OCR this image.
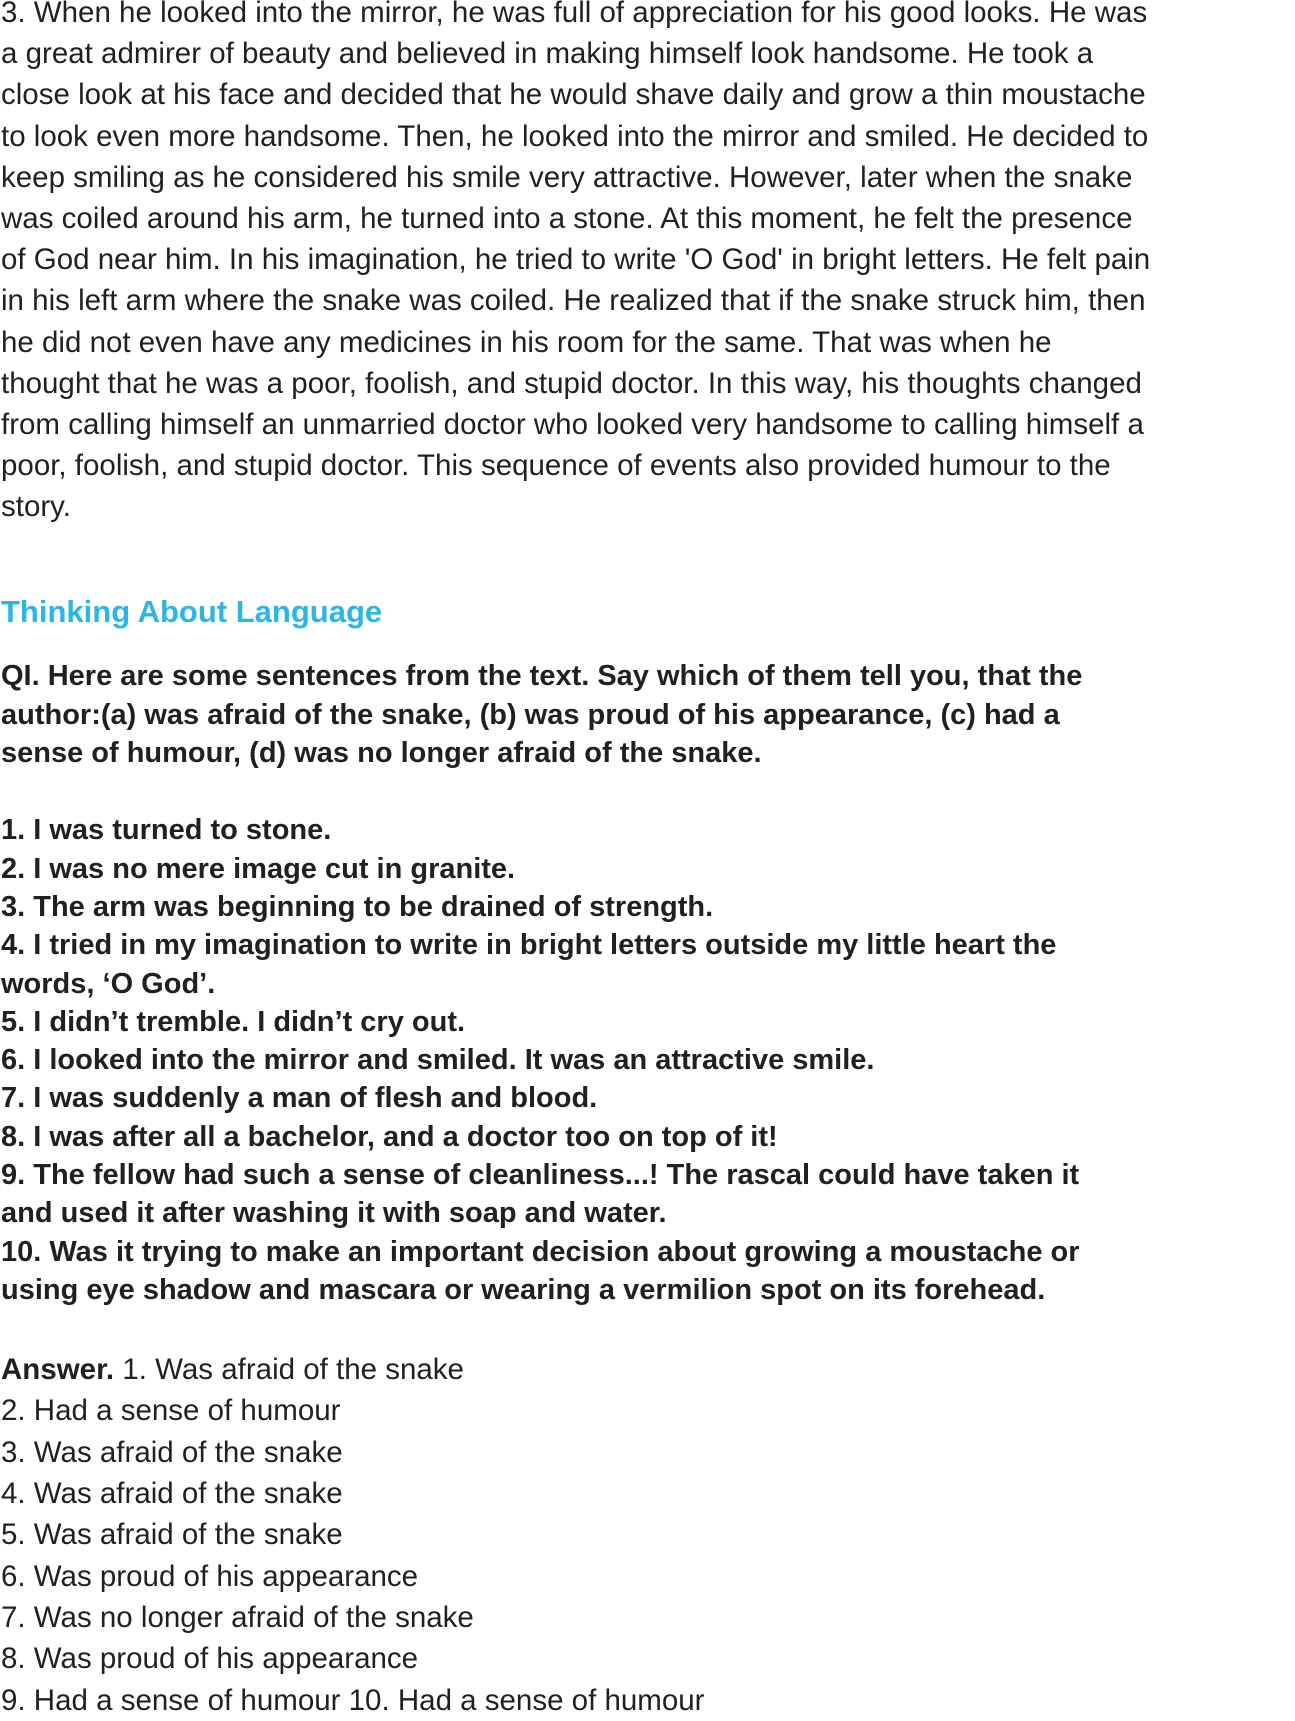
3. When he looked into the mirror, he was full of appreciation for his good looks. He was
a great admirer of beauty and believed in making himself look handsome. He took a
close look at his face and decided that he would shave daily and grow a thin moustache
to look even more handsome. Then, he looked into the mirror and smiled. He decided to
keep smiling as he considered his smile very attractive. However, later when the snake
was coiled around his arm, he turned into a stone. At this moment, he felt the presence
of God near him. In his imagination, he tried to write 'O God' in bright letters. He felt pain
in his left arm where the snake was coiled. He realized that if the snake struck him, then
he did not even have any medicines in his room for the same. That was when he
thought that he was a poor, foolish, and stupid doctor. In this way, his thoughts changed
from calling himself an unmarried doctor who looked very handsome to calling himself a
poor, foolish, and stupid doctor. This sequence of events also provided humour to the
story.
Thinking About Language
QI. Here are some sentences from the text. Say which of them tell you, that the
author:(a) was afraid of the snake, (b) was proud of his appearance, (c) had a
sense of humour, (d) was no longer afraid of the snake.
1. I was turned to stone.
2. I was no mere image cut in granite.
3. The arm was beginning to be drained of strength.
4. I tried in my imagination to write in bright letters outside my little heart the
words, ‘O God’.
5. I didn’t tremble. I didn’t cry out.
6. I looked into the mirror and smiled. It was an attractive smile.
7. I was suddenly a man of flesh and blood.
8. I was after all a bachelor, and a doctor too on top of it!
9. The fellow had such a sense of cleanliness...! The rascal could have taken it
and used it after washing it with soap and water.
10. Was it trying to make an important decision about growing a moustache or
using eye shadow and mascara or wearing a vermilion spot on its forehead.
Answer. 1. Was afraid of the snake
2. Had a sense of humour
3. Was afraid of the snake
4. Was afraid of the snake
5. Was afraid of the snake
6. Was proud of his appearance
7. Was no longer afraid of the snake
8. Was proud of his appearance
9. Had a sense of humour 10. Had a sense of humour
